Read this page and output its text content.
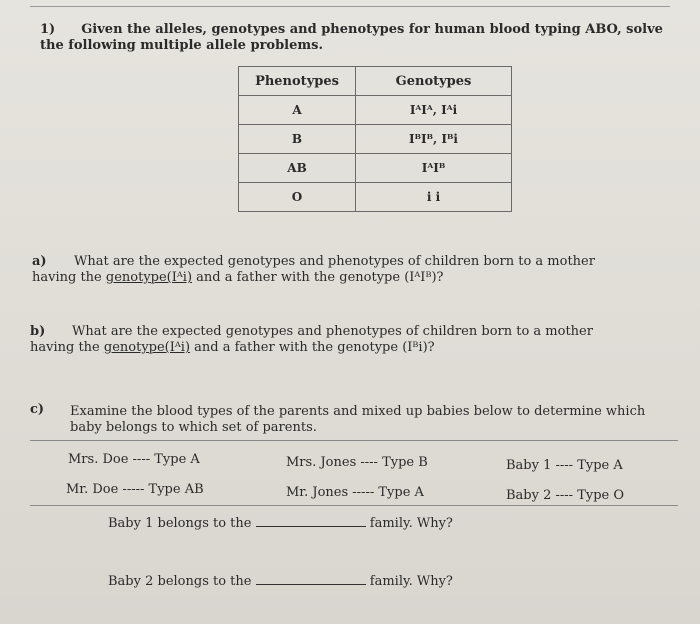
1) Given the alleles, genotypes and phenotypes for human blood typing ABO, solve the following multiple allele problems.
Phenotypes	Genotypes
A	IᴬIᴬ, Iᴬi
B	IᴮIᴮ, Iᴮi
AB	IᴬIᴮ
O	i i
a) What are the expected genotypes and phenotypes of children born to a mother
having the genotype(Iᴬi) and a father with the genotype (IᴬIᴮ)?
b) What are the expected genotypes and phenotypes of children born to a mother
having the genotype(Iᴬi) and a father with the genotype (Iᴮi)?
c) Examine the blood types of the parents and mixed up babies below to determine which baby belongs to which set of parents.
Mrs. Doe ---- Type A	Mrs. Jones ---- Type B	Baby 1 ---- Type A
Mr. Doe ----- Type AB	Mr. Jones ----- Type A	Baby 2 ---- Type O
Baby 1 belongs to the	family. Why?
Baby 2 belongs to the	family. Why?
